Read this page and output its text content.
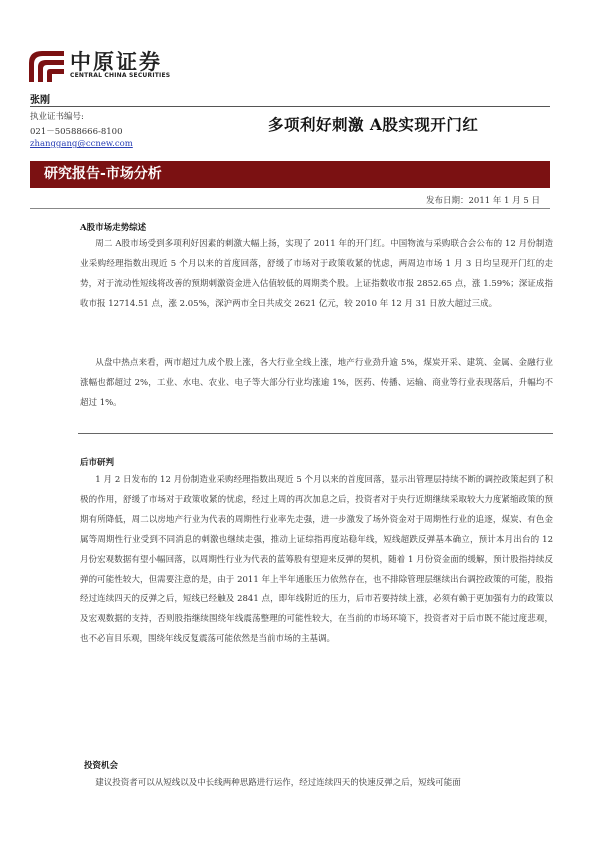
中原证券
CENTRAL CHINA SECURITIES
张刚
执业证书编号:
021－50588666-8100
zhanggang@ccnew.com
多项利好刺激 A股实现开门红
研究报告-市场分析
发布日期：2011 年 1 月 5 日
A股市场走势综述

周二 A股市场受到多项利好因素的刺激大幅上扬，实现了 2011 年的开门红。中国物流与采购联合会公布的 12 月份制造业采购经理指数出现近 5 个月以来的首度回落，舒缓了市场对于政策收紧的忧虑，两周边市场 1 月 3 日均呈现开门红的走势，对于流动性短线将改善的预期刺激资金进入估值较低的周期类个股。上证指数收市报 2852.65 点，涨 1.59%；深证成指收市报 12714.51 点，涨 2.05%，深沪两市全日共成交 2621 亿元，较 2010 年 12 月 31 日放大超过三成。

从盘中热点来看，两市超过九成个股上涨，各大行业全线上涨，地产行业劲升逾 5%，煤炭开采、建筑、金属、金融行业涨幅也都超过 2%，工业、水电、农业、电子等大部分行业均涨逾 1%，医药、传播、运输、商业等行业表现落后，升幅均不超过 1%。

后市研判

1 月 2 日发布的 12 月份制造业采购经理指数出现近 5 个月以来的首度回落，显示出管理层持续不断的调控政策起到了积极的作用，舒缓了市场对于政策收紧的忧虑，经过上周的再次加息之后，投资者对于央行近期继续采取较大力度紧缩政策的预期有所降低，周二以房地产行业为代表的周期性行业率先走强，进一步激发了场外资金对于周期性行业的追逐，煤炭、有色金属等周期性行业受到不同消息的刺激也继续走强，推动上证综指再度站稳年线，短线超跌反弹基本确立，预计本月出台的 12 月份宏观数据有望小幅回落，以周期性行业为代表的蓝筹股有望迎来反弹的契机，随着 1 月份资金面的缓解，预计股指持续反弹的可能性较大，但需要注意的是，由于 2011 年上半年通胀压力依然存在，也不排除管理层继续出台调控政策的可能，股指经过连续四天的反弹之后，短线已经触及 2841 点，即年线附近的压力，后市若要持续上涨，必须有赖于更加强有力的政策以及宏观数据的支持，否则股指继续围绕年线震荡整理的可能性较大，在当前的市场环境下，投资者对于后市既不能过度悲观，也不必盲目乐观，围绕年线反复震荡可能依然是当前市场的主基调。

投资机会

建议投资者可以从短线以及中长线两种思路进行运作，经过连续四天的快速反弹之后，短线可能面
